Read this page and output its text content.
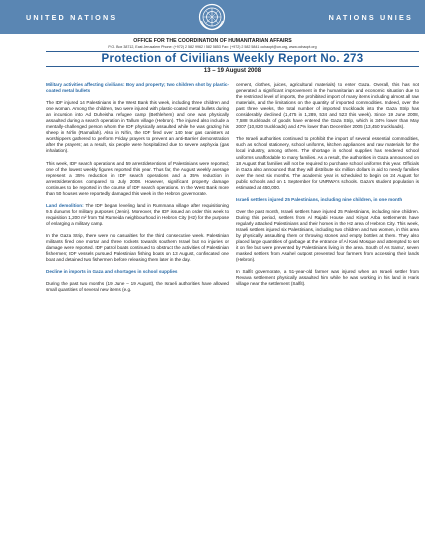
UNITED NATIONS	NATIONS UNIES
OFFICE FOR THE COORDINATION OF HUMANITARIAN AFFAIRS
P.O. Box 38712, East Jerusalem Phone: (+972) 2 582 9962 / 582 5853 Fax: (+972) 2 582 5841 ochaopt@un.org, www.ochaopt.org
Protection of Civilians Weekly Report No. 273
13 – 19 August 2008

Military activities affecting civilians: Boy and property; two children shot by plastic-coated metal bullets

The IDF injured 14 Palestinians in the West Bank this week, including three children and one woman. Among the children, two were injured with plastic-coated metal bullets during an incursion into Ad Duheisha refugee camp (Bethlehem) and one was physically assaulted during a search operation in Tallum village (Hebron). The injured also include a mentally-challenged person whom the IDF physically assaulted while he was grazing his sheep in Ni'lin (Ramallah). Also in Ni'lin, the IDF fired over 140 tear gas canisters at worshippers gathered to perform Friday prayers to prevent an anti-Barrier demonstration after the prayers; as a result, six people were hospitalized due to severe asphyxia (gas inhalation).

This week, IDF search operations and 59 arrest/detentions of Palestinians were reported; one of the lowest weekly figures reported this year. Thus far, the August weekly average represent a 35% reduction in IDF search operations and a 35% reduction in arrests/detentions compared to July 2008. However, significant property damage continues to be reported in the course of IDF search operations. In the West Bank more than 50 houses were reportedly damaged this week in the Hebron governorate.

Land demolition: The IDF began leveling land in Rummana village after requisitioning 9.5 dunums for military purposes (Jenin). Moreover, the IDF issued an order this week to requisition 1,200 m² from Tal Rumeida neighbourhood in Hebron City (H2) for the purpose of enlarging a military camp.

In the Gaza Strip, there were no casualties for the third consecutive week. Palestinian militants fired one mortar and three rockets towards southern Israel but no injuries or damage were reported. IDF patrol boats continued to obstruct the activities of Palestinian fishermen; IDF vessels pursued Palestinian fishing boats on 13 August, confiscated one boat and detained two fishermen before releasing them later in the day.

Decline in imports in Gaza and shortages in school supplies

During the past two months (19 June – 19 August), the Israeli authorities have allowed small quantities of several new items (e.g.

cement, clothes, juices, agricultural materials) to enter Gaza. Overall, this has not generated a significant improvement in the humanitarian and economic situation due to the restricted level of imports, the prohibited import of many items including almost all raw materials, and the limitations on the quantity of imported commodities. Indeed, over the past three weeks, the total number of imported truckloads into the Gaza Strip has considerably declined (1,475 in 1,289, 534 and 523 this week). Since 19 June 2008, 7,588 truckloads of goods have entered the Gaza Strip, which is 34% lower than May 2007 (10,820 truckloads) and 47% lower than December 2005 (13,450 truckloads).

The Israeli authorities continued to prohibit the import of several essential commodities, such as school stationery, school uniforms, kitchen appliances and raw materials for the local industry, among others. The shortage in school supplies has rendered school uniforms unaffordable to many families. As a result, the authorities in Gaza announced on 18 August that families will not be required to purchase school uniforms this year. Officials in Gaza also announced that they will distribute six million dollars in aid to needy families over the next six months. The academic year is scheduled to begin on 24 August for public schools and on 1 September for UNRWA's schools. Gaza's student population is estimated at 450,000.

Israeli settlers injured 25 Palestinians, including nine children, in one month

Over the past month, Israeli settlers have injured 25 Palestinians, including nine children. During this period, settlers from Al Rajabi House and Kiryat Arba settlements have regularly attacked Palestinians and their homes in the H2 area of Hebron City. This week, Israeli settlers injured six Palestinians, including two children and two women, in this area by physically assaulting them or throwing stones and empty bottles at them. They also placed large quantities of garbage at the entrance of Al Kasi Mosque and attempted to set it on fire but were prevented by Palestinians living in the area. South of As Samu', seven masked settlers from Asahel outpost prevented four farmers from accessing their lands (Hebron).

In Salfit governorate, a 51-year-old farmer was injured when an Israeli settler from Revava settlement physically assaulted him while he was working in his land in Haris village near the settlement (Salfit).
